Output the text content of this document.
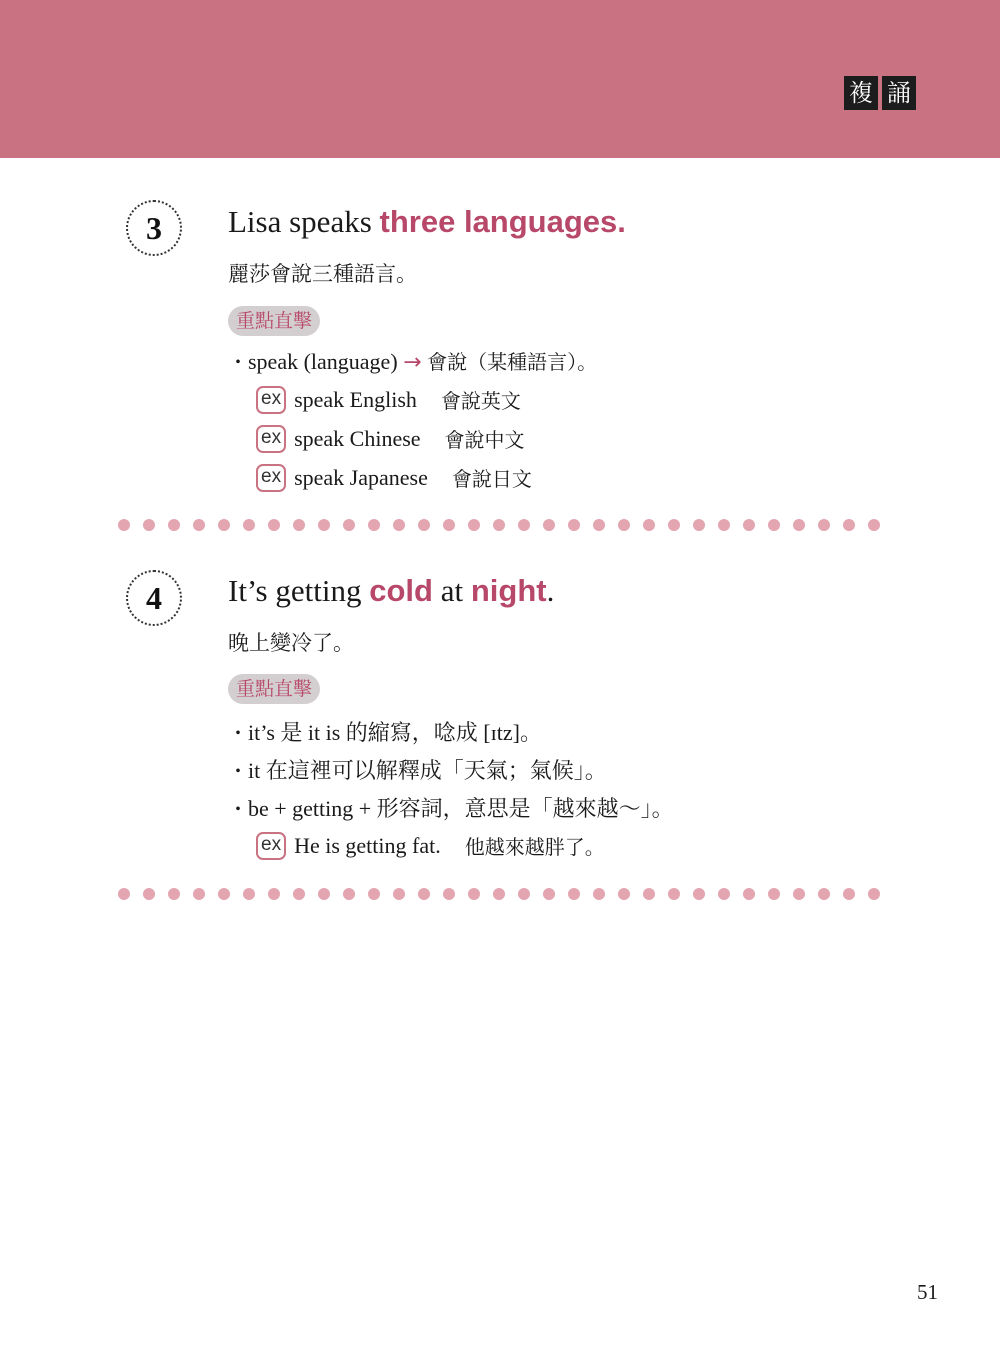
複 誦
3	Lisa speaks three languages.
麗莎會說三種語言。
重點直擊
・speak (language) → 會說（某種語言）。
ex speak English 會說英文
ex speak Chinese 會說中文
ex speak Japanese 會說日文
4	It’s getting cold at night.
晚上變冷了。
重點直擊
・it’s 是 it is 的縮寫，唸成 [ɪtz]。
・it 在這裡可以解釋成「天氣；氣候」。
・be + getting + 形容詞，意思是「越來越～」。
ex He is getting fat. 他越來越胖了。
51
